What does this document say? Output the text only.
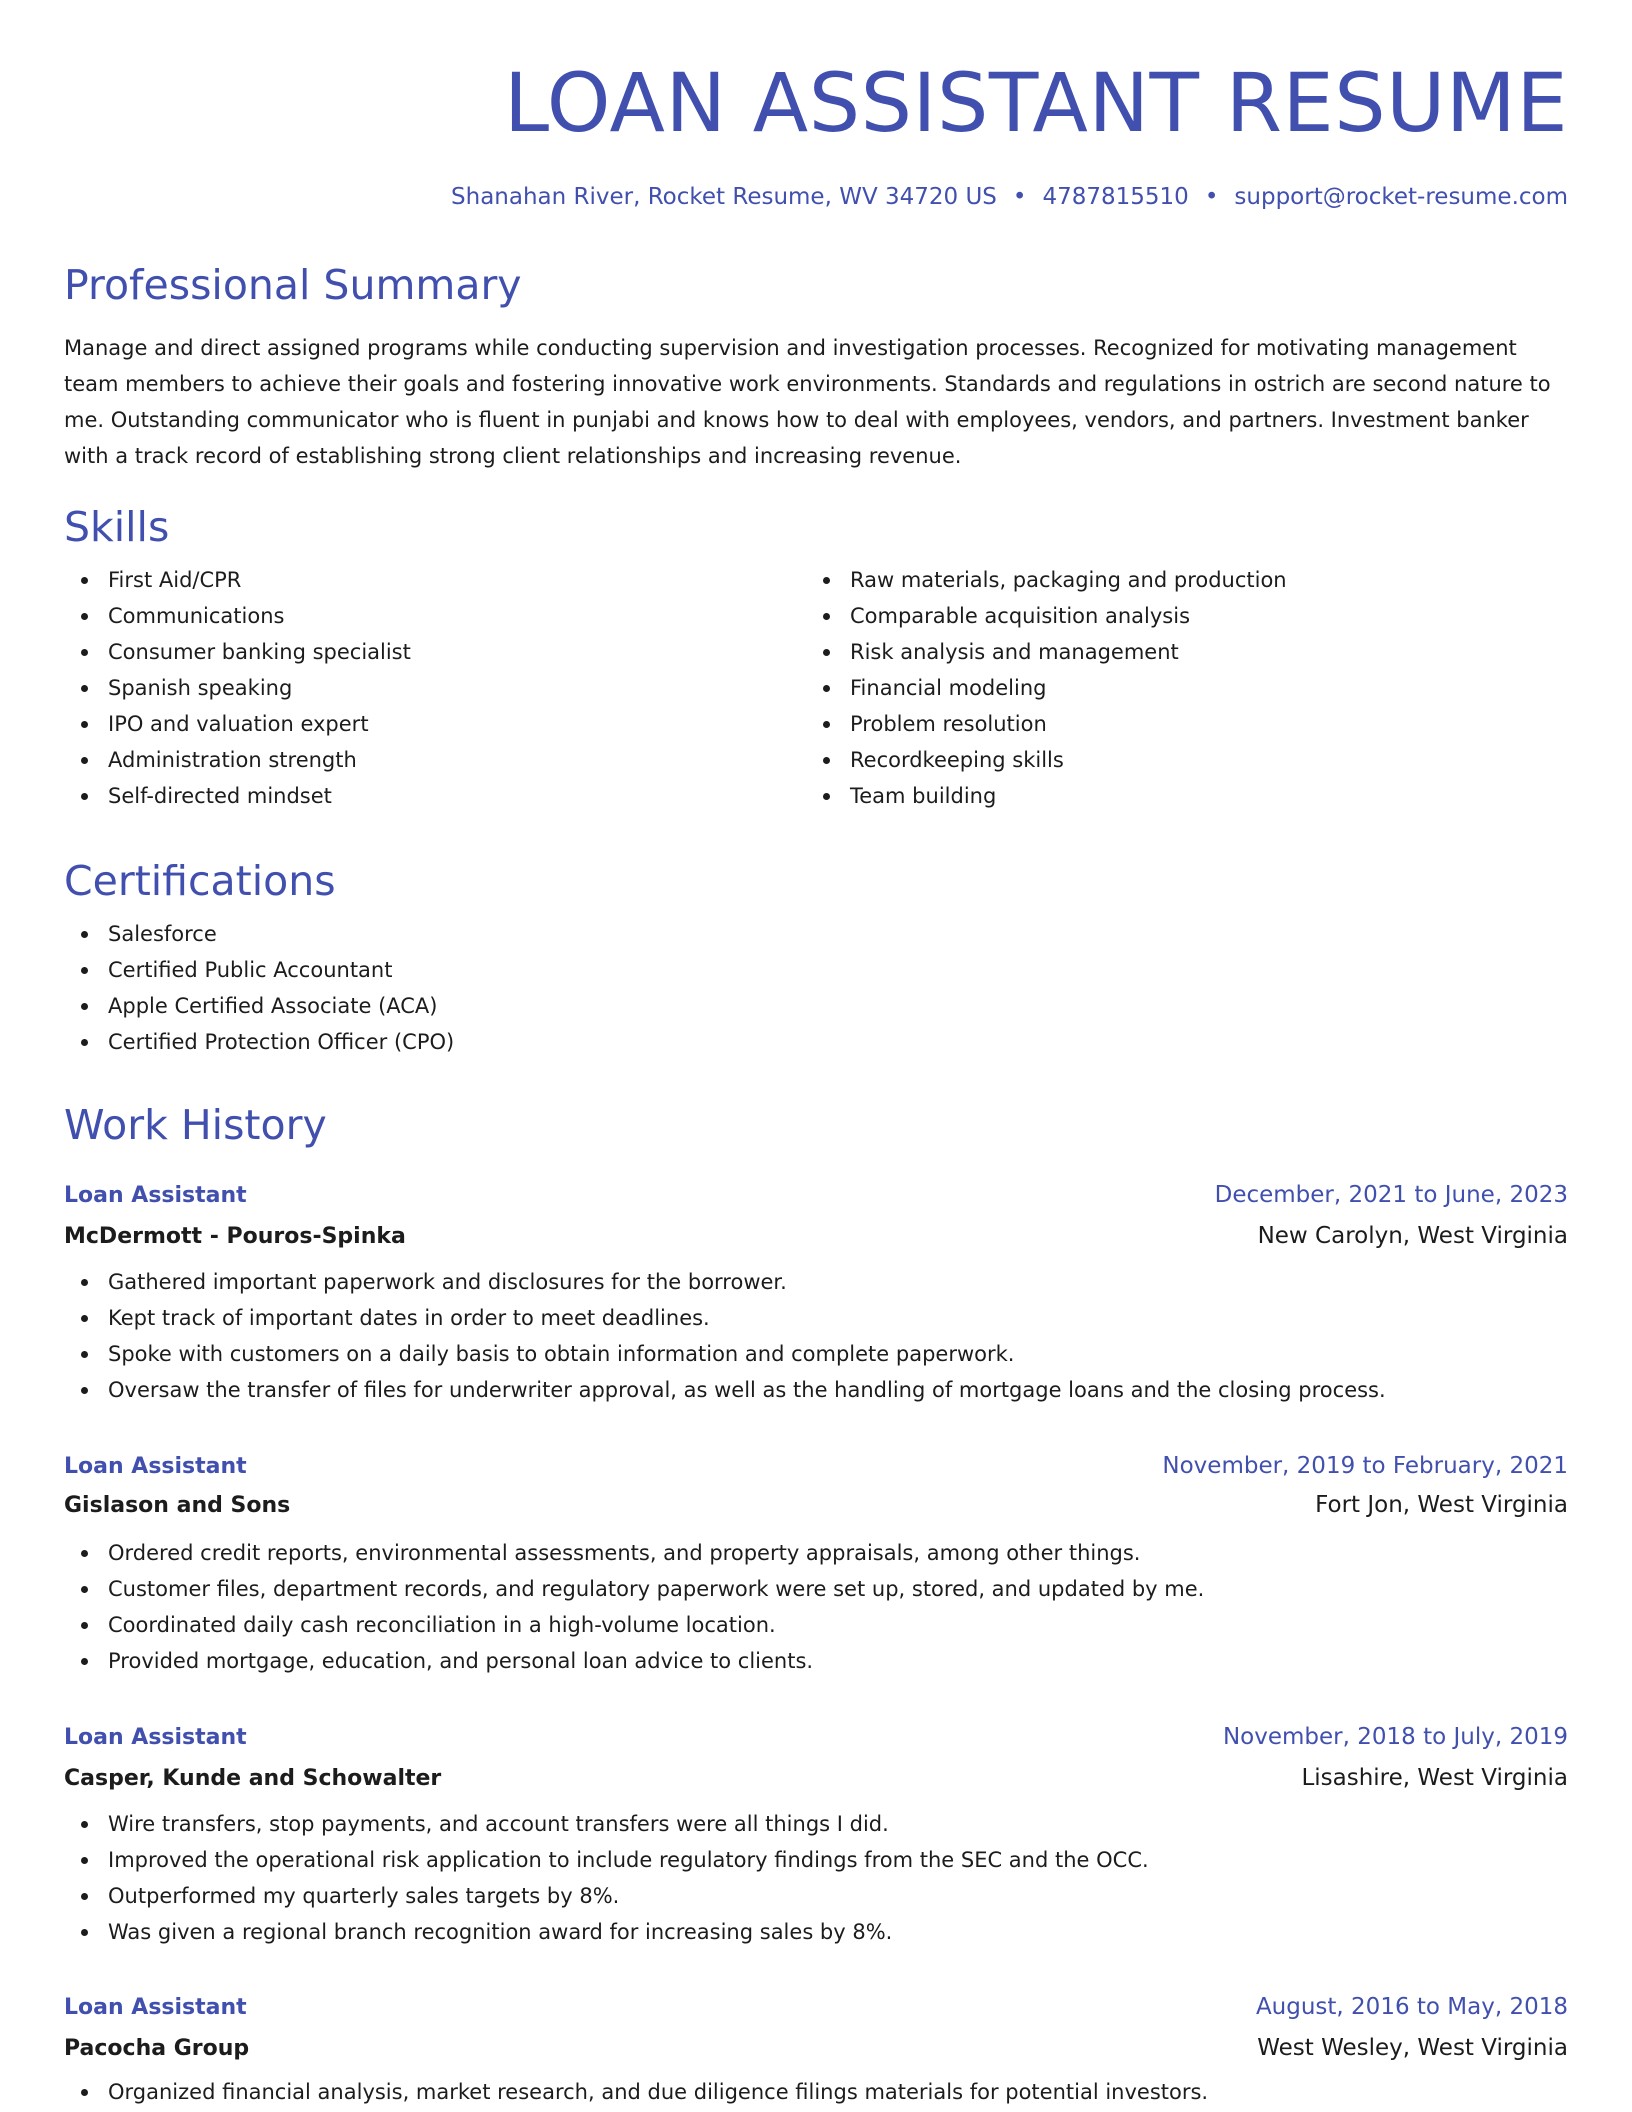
LOAN ASSISTANT RESUME
Shanahan River, Rocket Resume, WV 34720 US • 4787815510 • support@rocket-resume.com
Professional Summary

Manage and direct assigned programs while conducting supervision and investigation processes. Recognized for motivating management team members to achieve their goals and fostering innovative work environments. Standards and regulations in ostrich are second nature to me. Outstanding communicator who is fluent in punjabi and knows how to deal with employees, vendors, and partners. Investment banker with a track record of establishing strong client relationships and increasing revenue.

Skills
First Aid/CPR
Communications
Consumer banking specialist
Spanish speaking
IPO and valuation expert
Administration strength
Self-directed mindset
Raw materials, packaging and production
Comparable acquisition analysis
Risk analysis and management
Financial modeling
Problem resolution
Recordkeeping skills
Team building
Certifications
Salesforce
Certified Public Accountant
Apple Certified Associate (ACA)
Certified Protection Officer (CPO)
Work History
Loan Assistant	December, 2021 to June, 2023
McDermott - Pouros-Spinka	New Carolyn, West Virginia
Gathered important paperwork and disclosures for the borrower.
Kept track of important dates in order to meet deadlines.
Spoke with customers on a daily basis to obtain information and complete paperwork.
Oversaw the transfer of files for underwriter approval, as well as the handling of mortgage loans and the closing process.
Loan Assistant	November, 2019 to February, 2021
Gislason and Sons	Fort Jon, West Virginia
Ordered credit reports, environmental assessments, and property appraisals, among other things.
Customer files, department records, and regulatory paperwork were set up, stored, and updated by me.
Coordinated daily cash reconciliation in a high-volume location.
Provided mortgage, education, and personal loan advice to clients.
Loan Assistant	November, 2018 to July, 2019
Casper, Kunde and Schowalter	Lisashire, West Virginia
Wire transfers, stop payments, and account transfers were all things I did.
Improved the operational risk application to include regulatory findings from the SEC and the OCC.
Outperformed my quarterly sales targets by 8%.
Was given a regional branch recognition award for increasing sales by 8%.
Loan Assistant	August, 2016 to May, 2018
Pacocha Group	West Wesley, West Virginia
Organized financial analysis, market research, and due diligence filings materials for potential investors.
